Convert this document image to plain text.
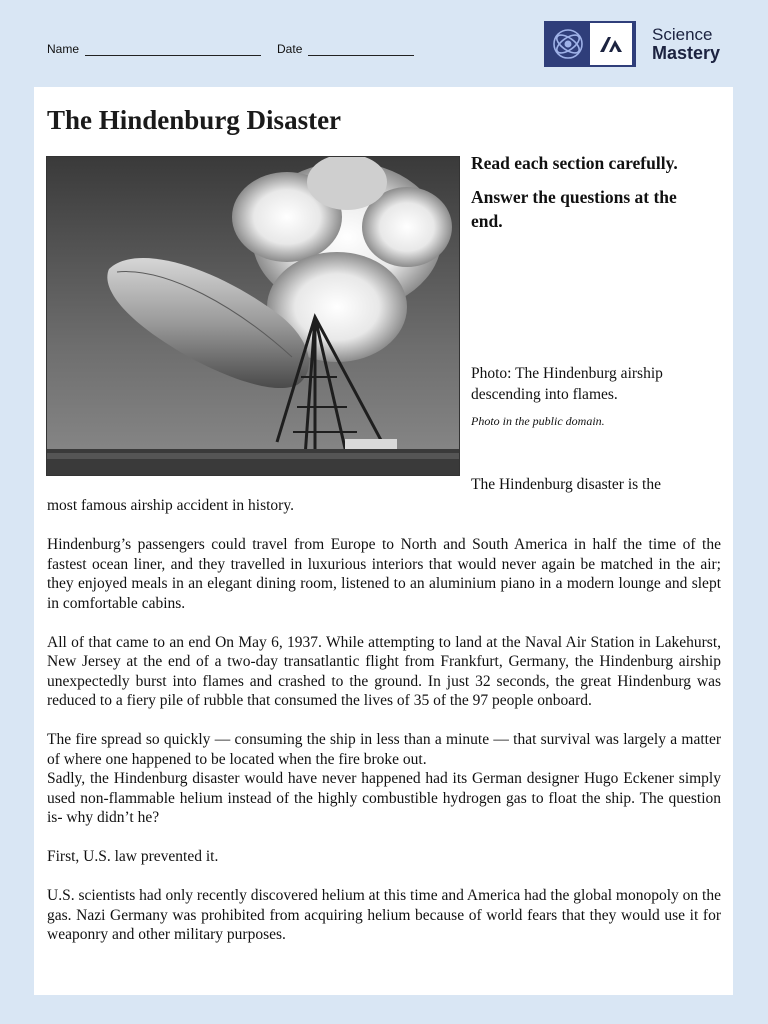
Name	Date
Science
Mastery
The Hindenburg Disaster

Read each section carefully.

Answer the questions at the end.

Photo: The Hindenburg airship descending into flames.
Photo in the public domain.
The Hindenburg disaster is the

most famous airship accident in history.

Hindenburg’s passengers could travel from Europe to North and South America in half the time of the fastest ocean liner, and they travelled in luxurious interiors that would never again be matched in the air; they enjoyed meals in an elegant dining room, listened to an aluminium piano in a modern lounge and slept in comfortable cabins.

All of that came to an end On May 6, 1937. While attempting to land at the Naval Air Station in Lakehurst, New Jersey at the end of a two-day transatlantic flight from Frankfurt, Germany, the Hindenburg airship unexpectedly burst into flames and crashed to the ground. In just 32 seconds, the great Hindenburg was reduced to a fiery pile of rubble that consumed the lives of 35 of the 97 people onboard.

The fire spread so quickly — consuming the ship in less than a minute — that survival was largely a matter of where one happened to be located when the fire broke out.

Sadly, the Hindenburg disaster would have never happened had its German designer Hugo Eckener simply used non-flammable helium instead of the highly combustible hydrogen gas to float the ship. The question is- why didn’t he?

First, U.S. law prevented it.

U.S. scientists had only recently discovered helium at this time and America had the global monopoly on the gas. Nazi Germany was prohibited from acquiring helium because of world fears that they would use it for weaponry and other military purposes.
